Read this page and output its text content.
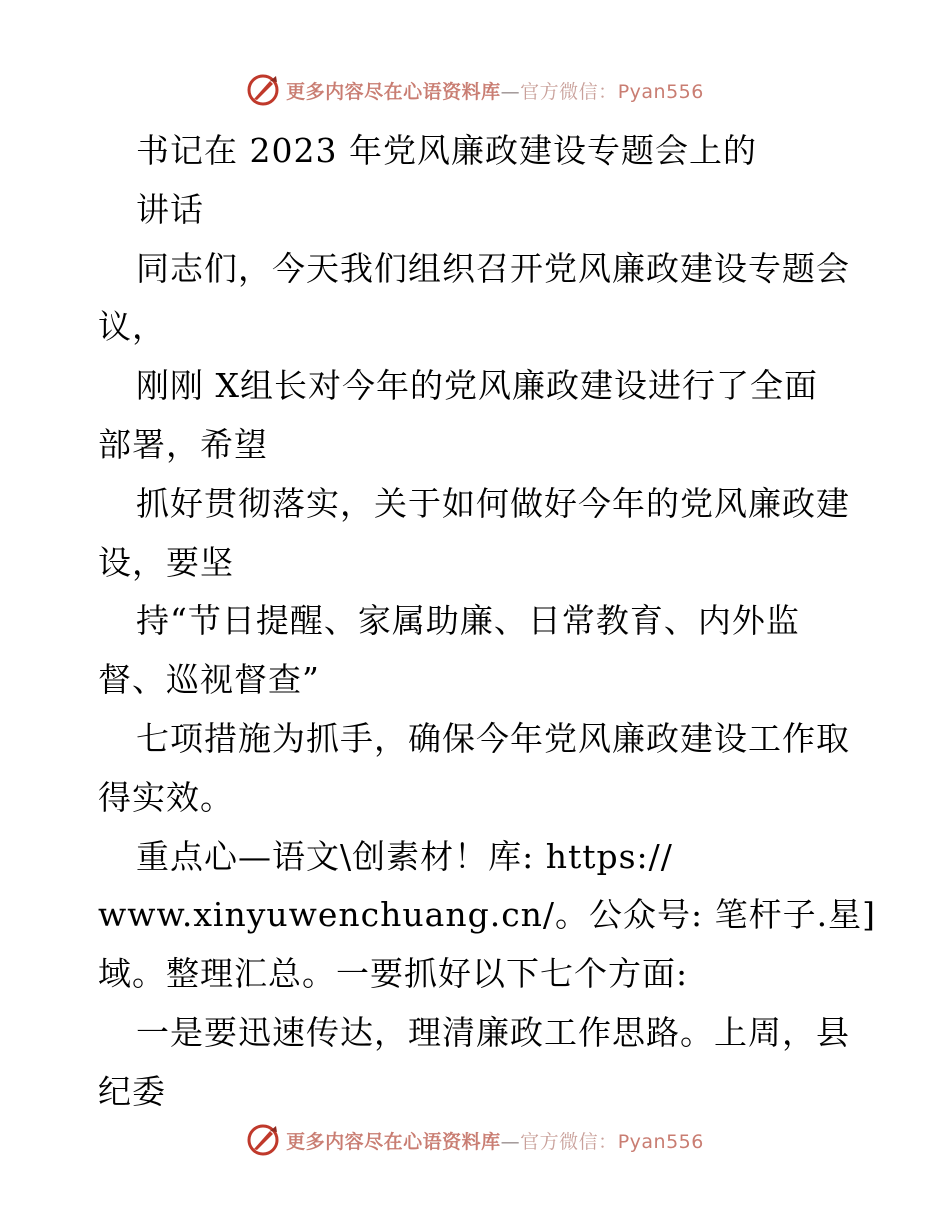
更多内容尽在心语资料库—官方微信：Pyan556
书记在 2023 年党风廉政建设专题会上的
讲话
同志们，今天我们组织召开党风廉政建设专题会
议，
刚刚 X组长对今年的党风廉政建设进行了全面
部署，希望
抓好贯彻落实，关于如何做好今年的党风廉政建
设，要坚
持“节日提醒、家属助廉、日常教育、内外监
督、巡视督查”
七项措施为抓手，确保今年党风廉政建设工作取
得实效。
重点心—语文\创素材！库: https://
www.xinyuwenchuang.cn/。公众号: 笔杆子.星]
域。整理汇总。一要抓好以下七个方面:
一是要迅速传达，理清廉政工作思路。上周，县
纪委
更多内容尽在心语资料库—官方微信：Pyan556
